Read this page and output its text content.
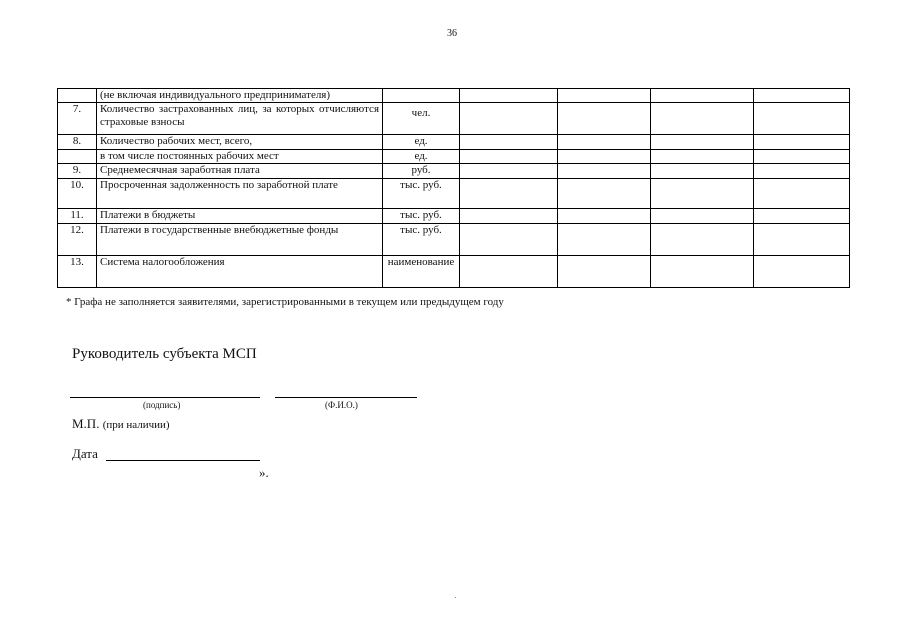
36
	(не включая индивидуального предпринимателя)					
7.	Количество застрахованных лиц, за которых отчисляются страховые взносы	чел.				

8.	Количество рабочих мест, всего,	ед.				
	в том числе постоянных рабочих мест	ед.				
9.	Среднемесячная заработная плата	руб.				
10.	Просроченная задолженность по заработной плате	тыс. руб.				
11.	Платежи в бюджеты	тыс. руб.				
12.	Платежи в государственные внебюджетные фонды	тыс. руб.				
13.	Система налогообложения	наименование				
* Графа не заполняется заявителями, зарегистрированными в текущем или предыдущем году
Руководитель субъекта МСП
(подпись)	(Ф.И.О.)
М.П. (при наличии)
Дата
».
